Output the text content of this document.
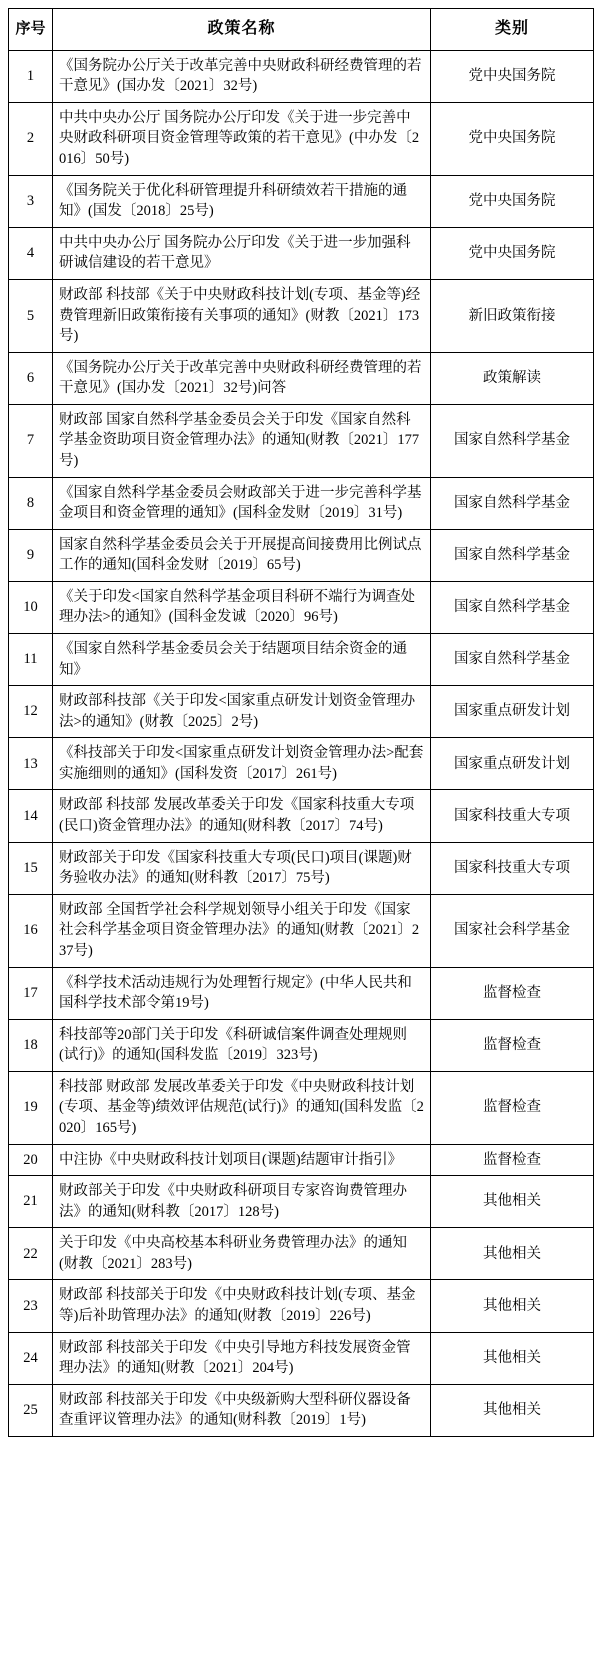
序号	政策名称	类别
1	《国务院办公厅关于改革完善中央财政科研经费管理的若干意见》(国办发〔2021〕32号)	党中央国务院
2	中共中央办公厅 国务院办公厅印发《关于进一步完善中央财政科研项目资金管理等政策的若干意见》(中办发〔2016〕50号)	党中央国务院
3	《国务院关于优化科研管理提升科研绩效若干措施的通知》(国发〔2018〕25号)	党中央国务院
4	中共中央办公厅 国务院办公厅印发《关于进一步加强科研诚信建设的若干意见》	党中央国务院
5	财政部 科技部《关于中央财政科技计划(专项、基金等)经费管理新旧政策衔接有关事项的通知》(财教〔2021〕173号)	新旧政策衔接
6	《国务院办公厅关于改革完善中央财政科研经费管理的若干意见》(国办发〔2021〕32号)问答	政策解读
7	财政部 国家自然科学基金委员会关于印发《国家自然科学基金资助项目资金管理办法》的通知(财教〔2021〕177号)	国家自然科学基金
8	《国家自然科学基金委员会财政部关于进一步完善科学基金项目和资金管理的通知》(国科金发财〔2019〕31号)	国家自然科学基金
9	国家自然科学基金委员会关于开展提高间接费用比例试点工作的通知(国科金发财〔2019〕65号)	国家自然科学基金
10	《关于印发<国家自然科学基金项目科研不端行为调查处理办法>的通知》(国科金发诚〔2020〕96号)	国家自然科学基金
11	《国家自然科学基金委员会关于结题项目结余资金的通知》	国家自然科学基金
12	财政部科技部《关于印发<国家重点研发计划资金管理办法>的通知》(财教〔2025〕2号)	国家重点研发计划
13	《科技部关于印发<国家重点研发计划资金管理办法>配套实施细则的通知》(国科发资〔2017〕261号)	国家重点研发计划
14	财政部 科技部 发展改革委关于印发《国家科技重大专项(民口)资金管理办法》的通知(财科教〔2017〕74号)	国家科技重大专项
15	财政部关于印发《国家科技重大专项(民口)项目(课题)财务验收办法》的通知(财科教〔2017〕75号)	国家科技重大专项
16	财政部 全国哲学社会科学规划领导小组关于印发《国家社会科学基金项目资金管理办法》的通知(财教〔2021〕237号)	国家社会科学基金
17	《科学技术活动违规行为处理暂行规定》(中华人民共和国科学技术部令第19号)	监督检查
18	科技部等20部门关于印发《科研诚信案件调查处理规则(试行)》的通知(国科发监〔2019〕323号)	监督检查
19	科技部 财政部 发展改革委关于印发《中央财政科技计划(专项、基金等)绩效评估规范(试行)》的通知(国科发监〔2020〕165号)	监督检查
20	中注协《中央财政科技计划项目(课题)结题审计指引》	监督检查
21	财政部关于印发《中央财政科研项目专家咨询费管理办法》的通知(财科教〔2017〕128号)	其他相关
22	关于印发《中央高校基本科研业务费管理办法》的通知(财教〔2021〕283号)	其他相关
23	财政部 科技部关于印发《中央财政科技计划(专项、基金等)后补助管理办法》的通知(财教〔2019〕226号)	其他相关
24	财政部 科技部关于印发《中央引导地方科技发展资金管理办法》的通知(财教〔2021〕204号)	其他相关
25	财政部 科技部关于印发《中央级新购大型科研仪器设备查重评议管理办法》的通知(财科教〔2019〕1号)	其他相关
